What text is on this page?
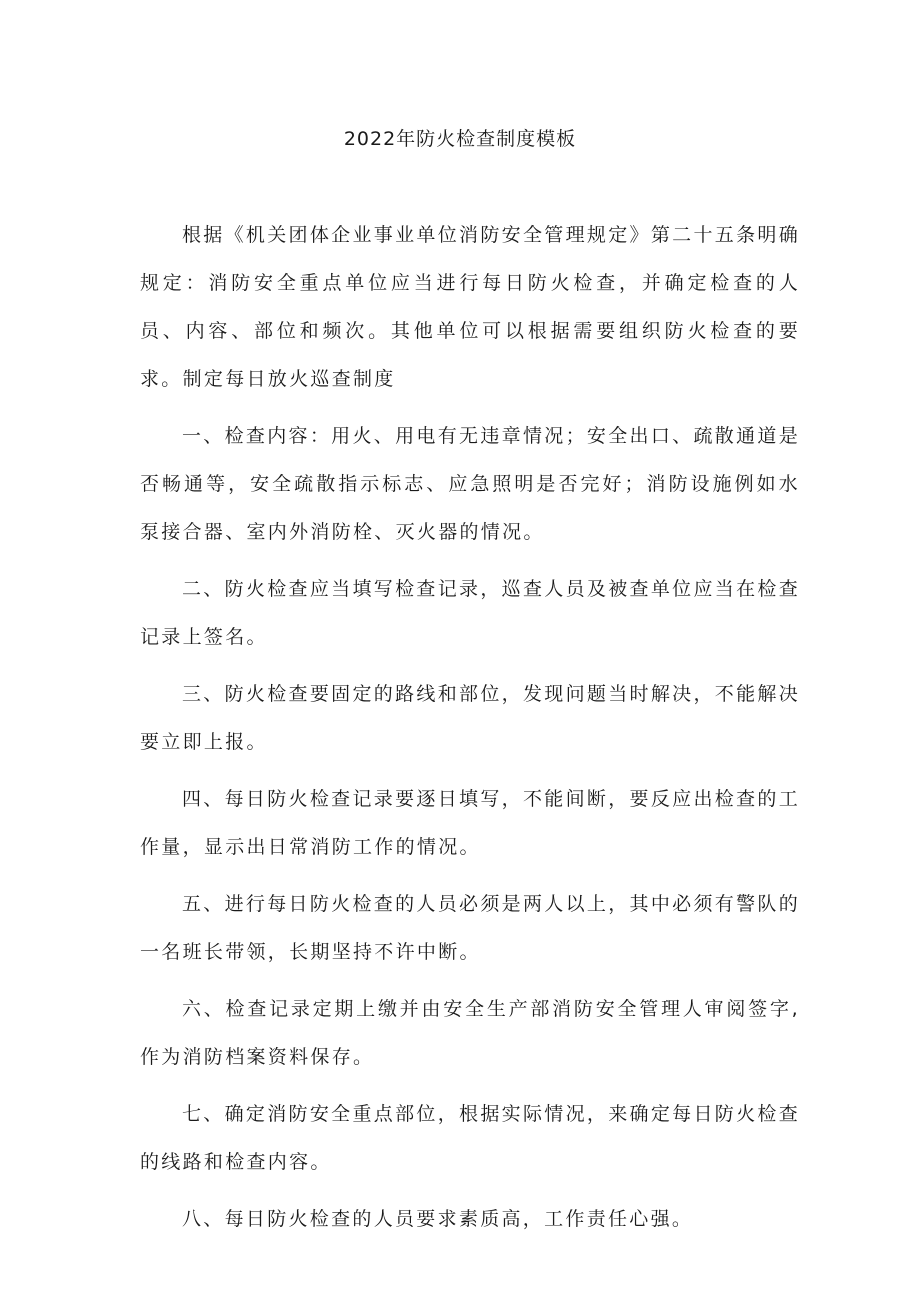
2022年防火检查制度模板

根据《机关团体企业事业单位消防安全管理规定》第二十五条明确规定：消防安全重点单位应当进行每日防火检查，并确定检查的人员、内容、部位和频次。其他单位可以根据需要组织防火检查的要求。制定每日放火巡查制度

一、检查内容：用火、用电有无违章情况；安全出口、疏散通道是否畅通等，安全疏散指示标志、应急照明是否完好；消防设施例如水泵接合器、室内外消防栓、灭火器的情况。

二、防火检查应当填写检查记录，巡查人员及被查单位应当在检查记录上签名。

三、防火检查要固定的路线和部位，发现问题当时解决，不能解决要立即上报。

四、每日防火检查记录要逐日填写，不能间断，要反应出检查的工作量，显示出日常消防工作的情况。

五、进行每日防火检查的人员必须是两人以上，其中必须有警队的一名班长带领，长期坚持不许中断。

六、检查记录定期上缴并由安全生产部消防安全管理人审阅签字,作为消防档案资料保存。

七、确定消防安全重点部位，根据实际情况，来确定每日防火检查的线路和检查内容。

八、每日防火检查的人员要求素质高，工作责任心强。
